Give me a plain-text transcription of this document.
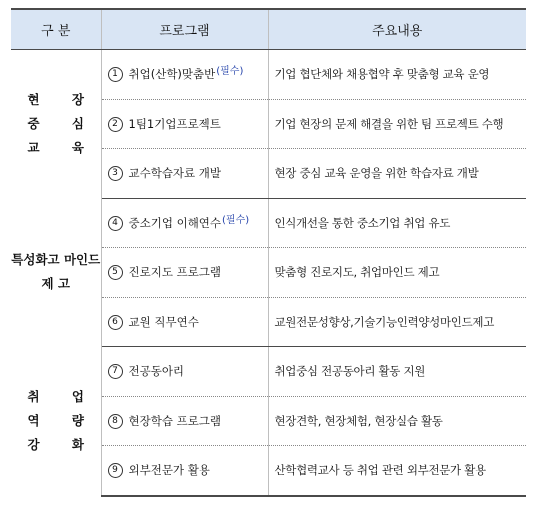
구 분	프로그램	주요내용

현 장
중 심
교 육	1 취업(산학)맞춤반(필수)	기업 협단체와 채용협약 후 맞춤형 교육 운영
	2 1팀1기업프로젝트	기업 현장의 문제 해결을 위한 팀 프로젝트 수행
	3 교수학습자료 개발	현장 중심 교육 운영을 위한 학습자료 개발

특성화고 마인드
제 고	4 중소기업 이해연수(필수)	인식개선을 통한 중소기업 취업 유도
	5 진로지도 프로그램	맞춤형 진로지도, 취업마인드 제고
	6 교원 직무연수	교원전문성향상,기술기능인력양성마인드제고

취 업
역 량
강 화	7 전공동아리	취업중심 전공동아리 활동 지원
	8 현장학습 프로그램	현장견학, 현장체험, 현장실습 활동
	9 외부전문가 활용	산학협력교사 등 취업 관련 외부전문가 활용
